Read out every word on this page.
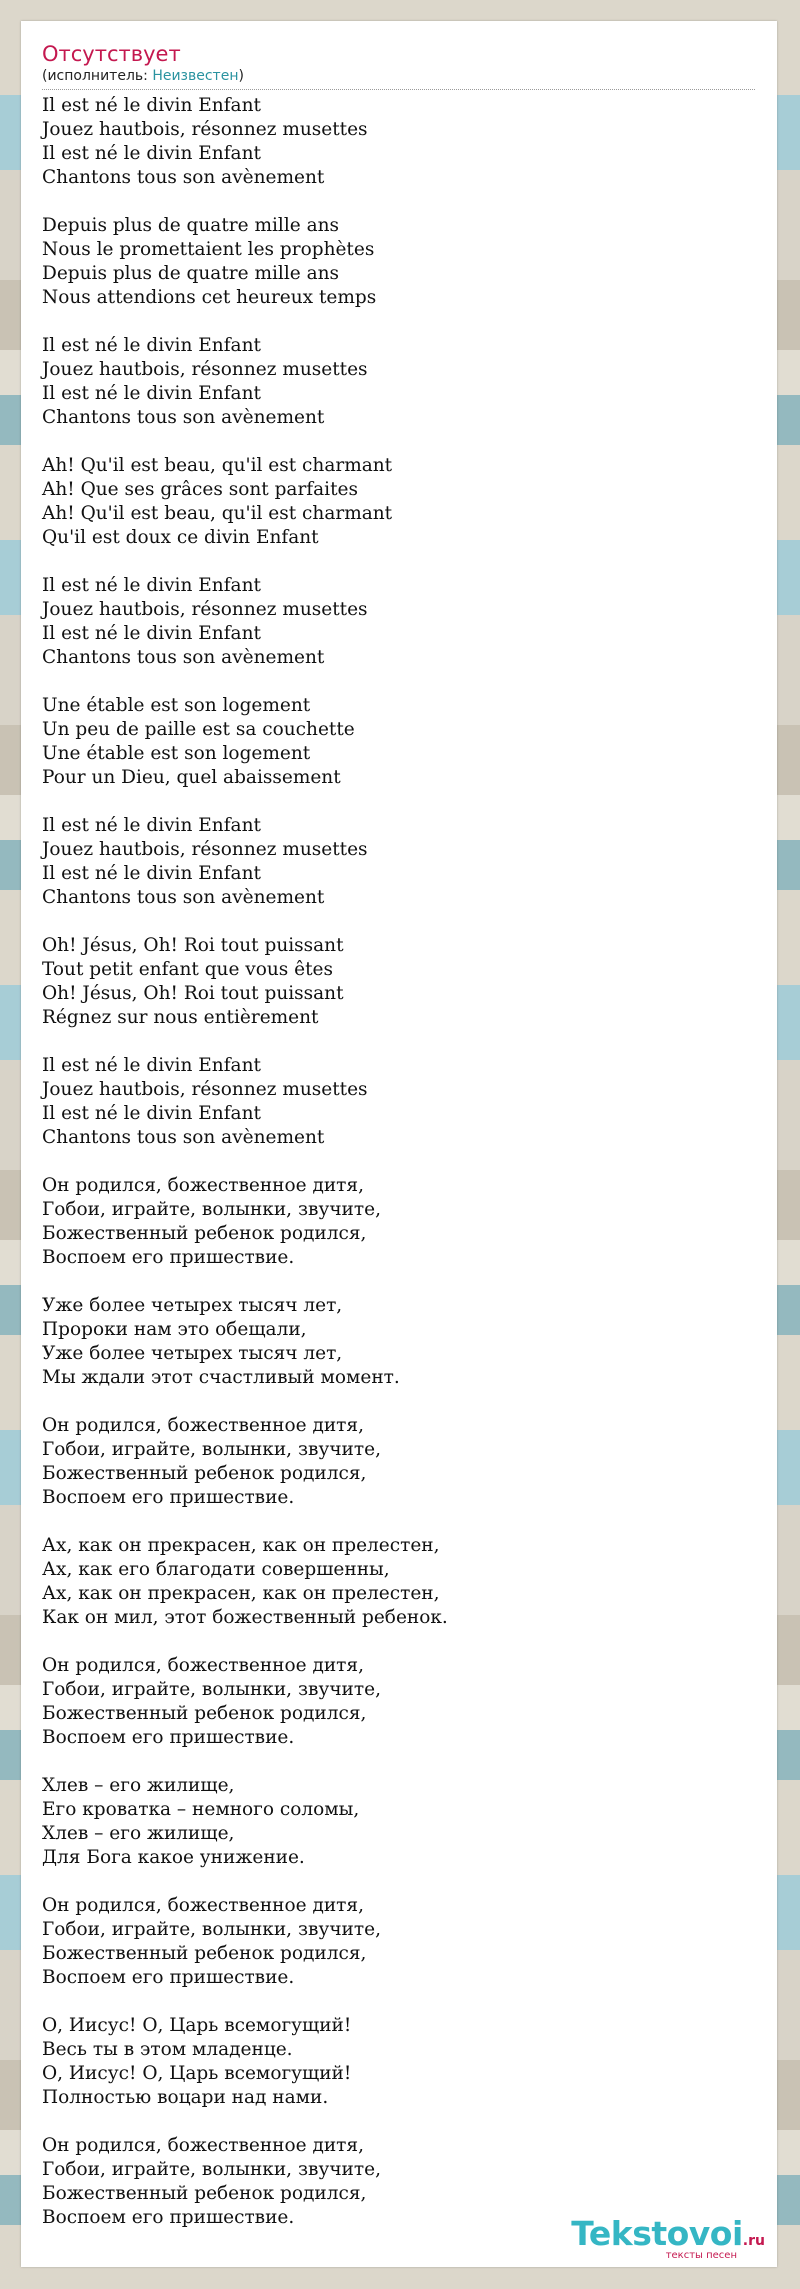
Отсутствует
(исполнитель: Неизвестен)
Il est né le divin Enfant
Jouez hautbois, résonnez musettes
Il est né le divin Enfant
Chantons tous son avènement
Depuis plus de quatre mille ans
Nous le promettaient les prophètes
Depuis plus de quatre mille ans
Nous attendions cet heureux temps
Il est né le divin Enfant
Jouez hautbois, résonnez musettes
Il est né le divin Enfant
Chantons tous son avènement
Ah! Qu'il est beau, qu'il est charmant
Ah! Que ses grâces sont parfaites
Ah! Qu'il est beau, qu'il est charmant
Qu'il est doux ce divin Enfant
Il est né le divin Enfant
Jouez hautbois, résonnez musettes
Il est né le divin Enfant
Chantons tous son avènement
Une étable est son logement
Un peu de paille est sa couchette
Une étable est son logement
Pour un Dieu, quel abaissement
Il est né le divin Enfant
Jouez hautbois, résonnez musettes
Il est né le divin Enfant
Chantons tous son avènement
Oh! Jésus, Oh! Roi tout puissant
Tout petit enfant que vous êtes
Oh! Jésus, Oh! Roi tout puissant
Régnez sur nous entièrement
Il est né le divin Enfant
Jouez hautbois, résonnez musettes
Il est né le divin Enfant
Chantons tous son avènement
Он родился, божественное дитя,
Гобои, играйте, волынки, звучите,
Божественный ребенок родился,
Воспоем его пришествие.
Уже более четырех тысяч лет,
Пророки нам это обещали,
Уже более четырех тысяч лет,
Мы ждали этот счастливый момент.
Он родился, божественное дитя,
Гобои, играйте, волынки, звучите,
Божественный ребенок родился,
Воспоем его пришествие.
Ах, как он прекрасен, как он прелестен,
Ах, как его благодати совершенны,
Ах, как он прекрасен, как он прелестен,
Как он мил, этот божественный ребенок.
Он родился, божественное дитя,
Гобои, играйте, волынки, звучите,
Божественный ребенок родился,
Воспоем его пришествие.
Хлев – его жилище,
Его кроватка – немного соломы,
Хлев – его жилище,
Для Бога какое унижение.
Он родился, божественное дитя,
Гобои, играйте, волынки, звучите,
Божественный ребенок родился,
Воспоем его пришествие.
О, Иисус! О, Царь всемогущий!
Весь ты в этом младенце.
О, Иисус! О, Царь всемогущий!
Полностью воцари над нами.
Он родился, божественное дитя,
Гобои, играйте, волынки, звучите,
Божественный ребенок родился,
Воспоем его пришествие.	Tekstovoi.ru
тексты песен
